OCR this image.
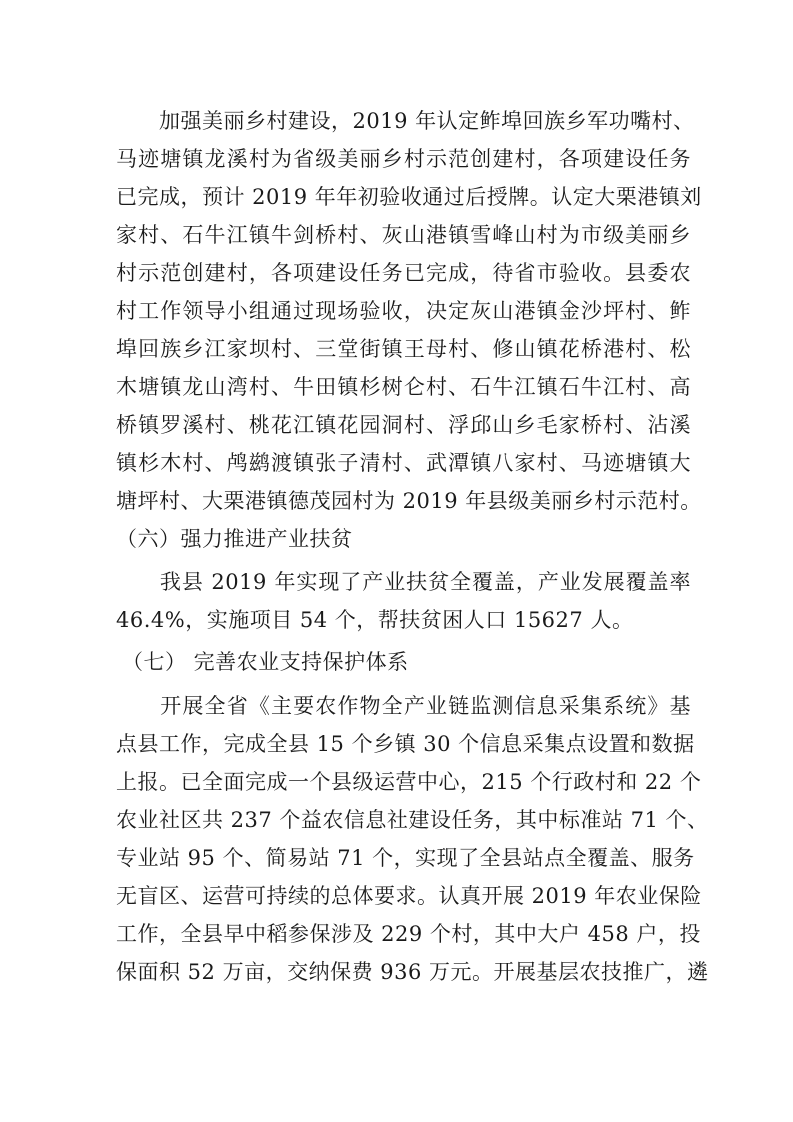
　　加强美丽乡村建设，2019 年认定鲊埠回族乡军功嘴村、
马迹塘镇龙溪村为省级美丽乡村示范创建村，各项建设任务
已完成，预计 2019 年年初验收通过后授牌。认定大栗港镇刘
家村、石牛江镇牛剑桥村、灰山港镇雪峰山村为市级美丽乡
村示范创建村，各项建设任务已完成，待省市验收。县委农
村工作领导小组通过现场验收，决定灰山港镇金沙坪村、鲊
埠回族乡江家坝村、三堂街镇王母村、修山镇花桥港村、松
木塘镇龙山湾村、牛田镇杉树仑村、石牛江镇石牛江村、高
桥镇罗溪村、桃花江镇花园洞村、浮邱山乡毛家桥村、沾溪
镇杉木村、鸬鹚渡镇张子清村、武潭镇八家村、马迹塘镇大
塘坪村、大栗港镇德茂园村为 2019 年县级美丽乡村示范村。
（六）强力推进产业扶贫
　　我县 2019 年实现了产业扶贫全覆盖，产业发展覆盖率
46.4%，实施项目 54 个，帮扶贫困人口 15627 人。
（七） 完善农业支持保护体系
　　开展全省《主要农作物全产业链监测信息采集系统》基
点县工作，完成全县 15 个乡镇 30 个信息采集点设置和数据
上报。已全面完成一个县级运营中心，215 个行政村和 22 个
农业社区共 237 个益农信息社建设任务，其中标准站 71 个、
专业站 95 个、简易站 71 个，实现了全县站点全覆盖、服务
无盲区、运营可持续的总体要求。认真开展 2019 年农业保险
工作，全县早中稻参保涉及 229 个村，其中大户 458 户，投
保面积 52 万亩，交纳保费 936 万元。开展基层农技推广，遴
